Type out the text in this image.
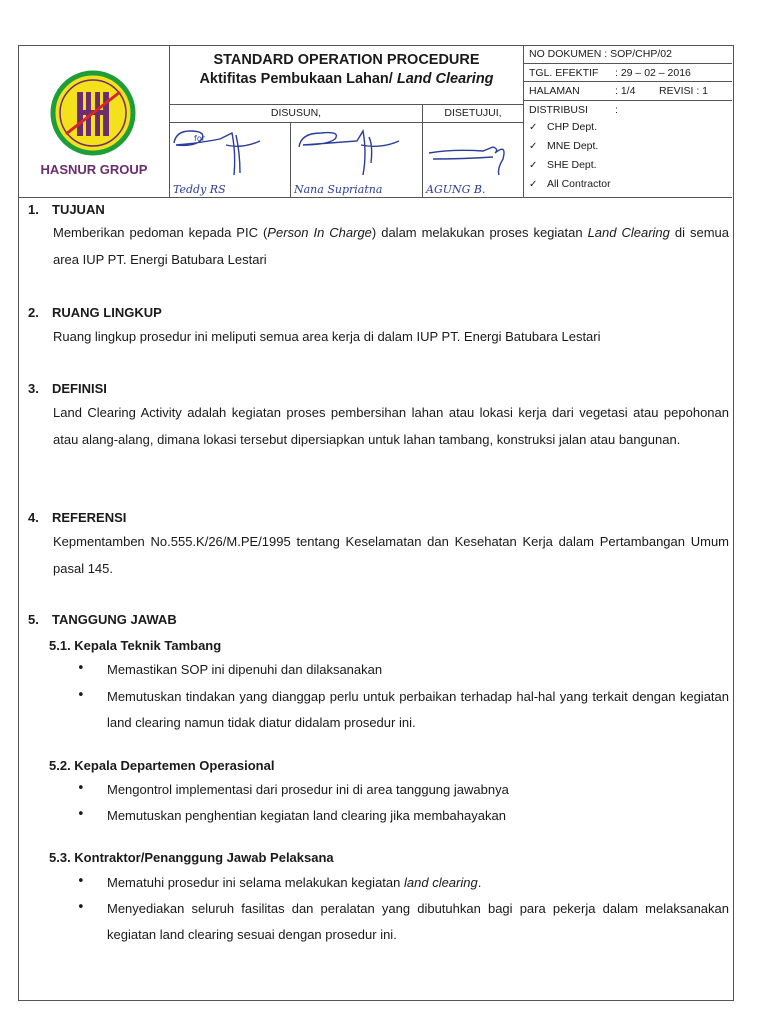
HASNUR GROUP
STANDARD OPERATION PROCEDURE
Aktifitas Pembukaan Lahan/ Land Clearing
DISUSUN,	DISETUJUI,
for
Teddy RS	Nana Supriatna	AGUNG B.
NO DOKUMEN : SOP/CHP/02
TGL. EFEKTIF : 29 – 02 – 2016
HALAMAN	: 1/4 REVISI : 1
DISTRIBUSI	:
✓ CHP Dept.
✓ MNE Dept.
✓ SHE Dept.
✓ All Contractor
1. TUJUAN
Memberikan pedoman kepada PIC (Person In Charge) dalam melakukan proses kegiatan Land Clearing di semua area IUP PT. Energi Batubara Lestari
2. RUANG LINGKUP
Ruang lingkup prosedur ini meliputi semua area kerja di dalam IUP PT. Energi Batubara Lestari
3. DEFINISI
Land Clearing Activity adalah kegiatan proses pembersihan lahan atau lokasi kerja dari vegetasi atau pepohonan atau alang-alang, dimana lokasi tersebut dipersiapkan untuk lahan tambang, konstruksi jalan atau bangunan.
4. REFERENSI
Kepmentamben No.555.K/26/M.PE/1995 tentang Keselamatan dan Kesehatan Kerja dalam Pertambangan Umum pasal 145.
5. TANGGUNG JAWAB
5.1. Kepala Teknik Tambang
• Memastikan SOP ini dipenuhi dan dilaksanakan
• Memutuskan tindakan yang dianggap perlu untuk perbaikan terhadap hal-hal yang terkait dengan kegiatan land clearing namun tidak diatur didalam prosedur ini.
5.2. Kepala Departemen Operasional
• Mengontrol implementasi dari prosedur ini di area tanggung jawabnya
• Memutuskan penghentian kegiatan land clearing jika membahayakan
5.3. Kontraktor/Penanggung Jawab Pelaksana
• Mematuhi prosedur ini selama melakukan kegiatan land clearing.
• Menyediakan seluruh fasilitas dan peralatan yang dibutuhkan bagi para pekerja dalam melaksanakan kegiatan land clearing sesuai dengan prosedur ini.
